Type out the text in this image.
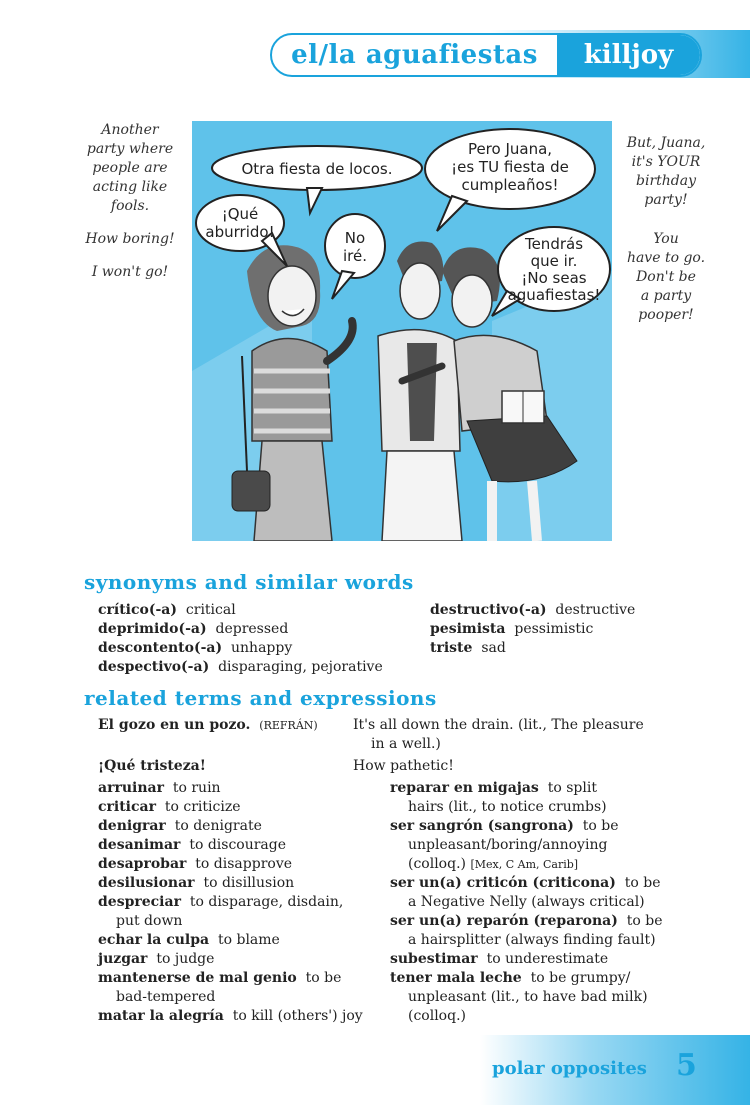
el/la aguafiestas	killjoy

Another
party where
people are
acting like
fools.

How boring!

I won't go!

But, Juana,
it's YOUR
birthday
party!

You
have to go.
Don't be
a party
pooper!

Otra fiesta de locos.
Pero Juana,
¡es TU fiesta de
cumpleaños!
¡Qué
aburrido!	No
iré.
Tendrás
que ir.
¡No seas
aguafiestas!
synonyms and similar words
crítico(-a) critical
deprimido(-a) depressed
descontento(-a) unhappy
despectivo(-a) disparaging, pejorative
destructivo(-a) destructive
pesimista pessimistic
triste sad
related terms and expressions
El gozo en un pozo. (REFRÁN)	It's all down the drain. (lit., The pleasure
in a well.)
¡Qué tristeza!	How pathetic!
arruinar to ruin
criticar to criticize
denigrar to denigrate
desanimar to discourage
desaprobar to disapprove
desilusionar to disillusion
despreciar to disparage, disdain,
put down
echar la culpa to blame
juzgar to judge
mantenerse de mal genio to be
bad-tempered
matar la alegría to kill (others') joy
reparar en migajas to split
hairs (lit., to notice crumbs)
ser sangrón (sangrona) to be
unpleasant/boring/annoying
(colloq.) [Mex, C Am, Carib]
ser un(a) criticón (criticona) to be
a Negative Nelly (always critical)
ser un(a) reparón (reparona) to be
a hairsplitter (always finding fault)
subestimar to underestimate
tener mala leche to be grumpy/
unpleasant (lit., to have bad milk)
(colloq.)
polar opposites 5
